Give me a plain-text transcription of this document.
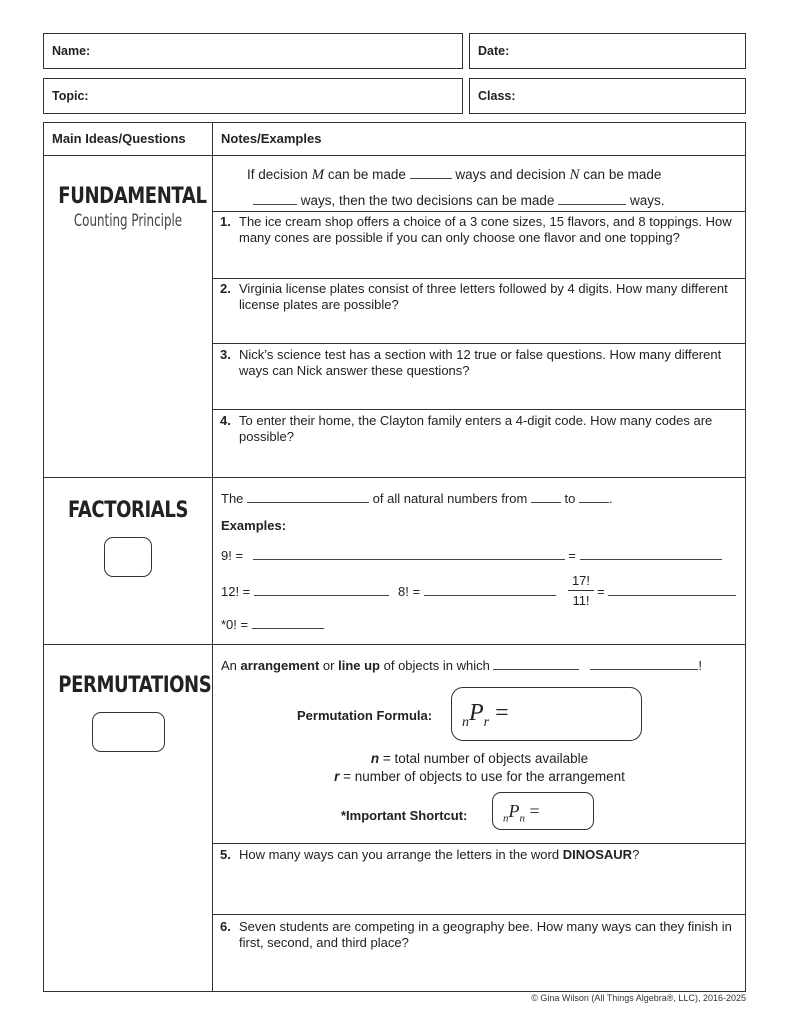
Name:	Date:
Topic:	Class:
Main Ideas/Questions	Notes/Examples
FUNDAMENTAL
Counting Principle
If decision M can be made	ways and decision N can be made
ways, then the two decisions can be made	ways.
1. The ice cream shop offers a choice of a 3 cone sizes, 15 flavors, and 8 toppings. How many cones are possible if you can only choose one flavor and one topping?
2. Virginia license plates consist of three letters followed by 4 digits. How many different license plates are possible?
3. Nick’s science test has a section with 12 true or false questions. How many different ways can Nick answer these questions?
4. To enter their home, the Clayton family enters a 4-digit code. How many codes are possible?
FACTORIALS	The	of all natural numbers from	to	.
Examples:
9! =	=
12! =	8! =	$\frac{17!}{11!}$ =
*0! =
PERMUTATIONS
An arrangement or line up of objects in which	!
Permutation Formula: $_nP_r$ =
n = total number of objects available
r = number of objects to use for the arrangement
*Important Shortcut:	$_nP_n$ =
5. How many ways can you arrange the letters in the word DINOSAUR?
6. Seven students are competing in a geography bee. How many ways can they finish in first, second, and third place?
© Gina Wilson (All Things Algebra®, LLC), 2016-2025
